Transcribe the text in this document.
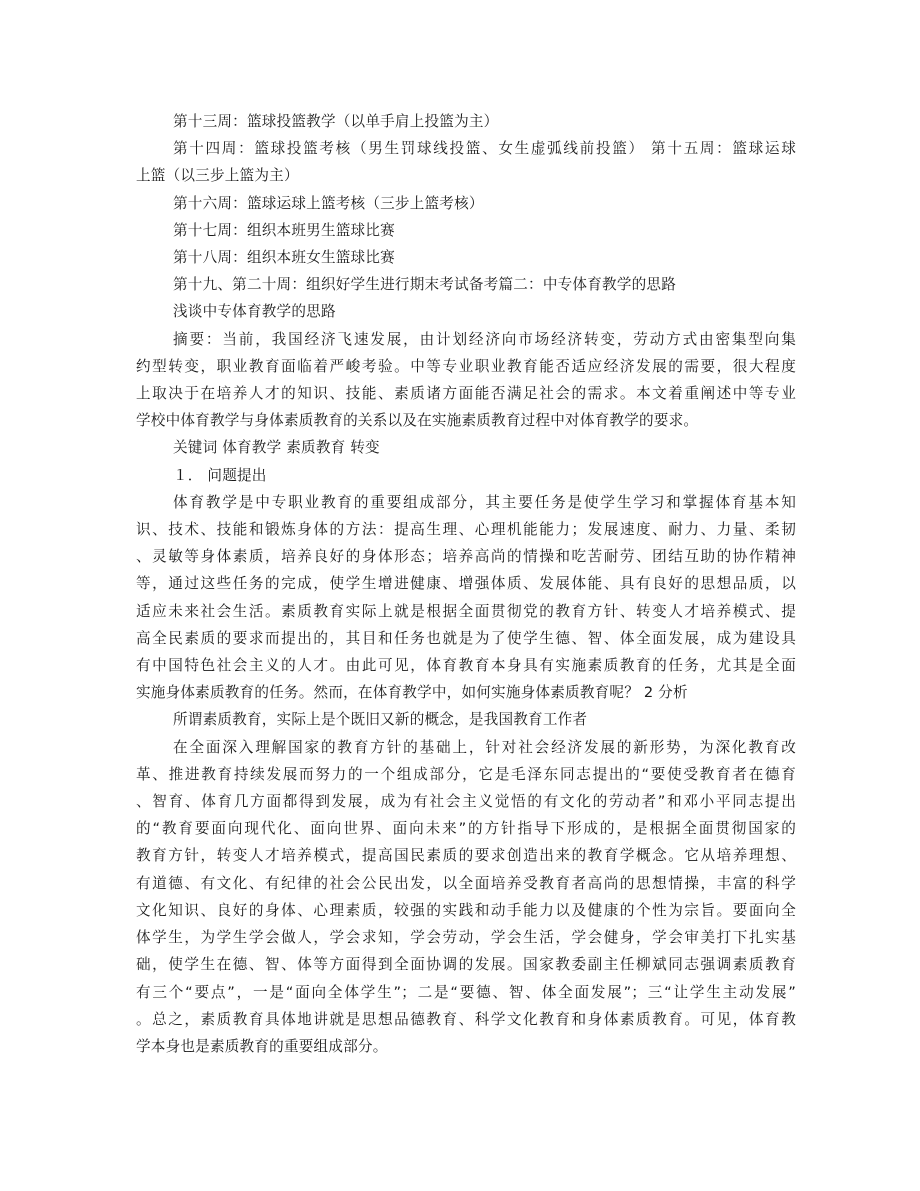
第十三周：篮球投篮教学（以单手肩上投篮为主）

第十四周：篮球投篮考核（男生罚球线投篮、女生虚弧线前投篮） 第十五周：篮球运球

上篮（以三步上篮为主）

第十六周：篮球运球上篮考核（三步上篮考核）

第十七周：组织本班男生篮球比赛

第十八周：组织本班女生篮球比赛

第十九、第二十周：组织好学生进行期末考试备考篇二：中专体育教学的思路

浅谈中专体育教学的思路

摘要：当前，我国经济飞速发展，由计划经济向市场经济转变，劳动方式由密集型向集

约型转变，职业教育面临着严峻考验。中等专业职业教育能否适应经济发展的需要，很大程度

上取决于在培养人才的知识、技能、素质诸方面能否满足社会的需求。本文着重阐述中等专业

学校中体育教学与身体素质教育的关系以及在实施素质教育过程中对体育教学的要求。

关键词 体育教学 素质教育 转变

１． 问题提出

体育教学是中专职业教育的重要组成部分，其主要任务是使学生学习和掌握体育基本知

识、技术、技能和锻炼身体的方法：提高生理、心理机能能力；发展速度、耐力、力量、柔韧

、灵敏等身体素质，培养良好的身体形态；培养高尚的情操和吃苦耐劳、团结互助的协作精神

等，通过这些任务的完成，使学生增进健康、增强体质、发展体能、具有良好的思想品质，以

适应未来社会生活。素质教育实际上就是根据全面贯彻党的教育方针、转变人才培养模式、提

高全民素质的要求而提出的，其目和任务也就是为了使学生德、智、体全面发展，成为建设具

有中国特色社会主义的人才。由此可见，体育教育本身具有实施素质教育的任务，尤其是全面

实施身体素质教育的任务。然而，在体育教学中，如何实施身体素质教育呢？ 2 分析

所谓素质教育，实际上是个既旧又新的概念，是我国教育工作者

在全面深入理解国家的教育方针的基础上，针对社会经济发展的新形势，为深化教育改

革、推进教育持续发展而努力的一个组成部分，它是毛泽东同志提出的“要使受教育者在德育

、智育、体育几方面都得到发展，成为有社会主义觉悟的有文化的劳动者”和邓小平同志提出

的“教育要面向现代化、面向世界、面向未来”的方针指导下形成的，是根据全面贯彻国家的

教育方针，转变人才培养模式，提高国民素质的要求创造出来的教育学概念。它从培养理想、

有道德、有文化、有纪律的社会公民出发，以全面培养受教育者高尚的思想情操，丰富的科学

文化知识、良好的身体、心理素质，较强的实践和动手能力以及健康的个性为宗旨。要面向全

体学生，为学生学会做人，学会求知，学会劳动，学会生活，学会健身，学会审美打下扎实基

础，使学生在德、智、体等方面得到全面协调的发展。国家教委副主任柳斌同志强调素质教育

有三个“要点”，一是“面向全体学生”；二是“要德、智、体全面发展”；三“让学生主动发展”

。总之，素质教育具体地讲就是思想品德教育、科学文化教育和身体素质教育。可见，体育教

学本身也是素质教育的重要组成部分。
